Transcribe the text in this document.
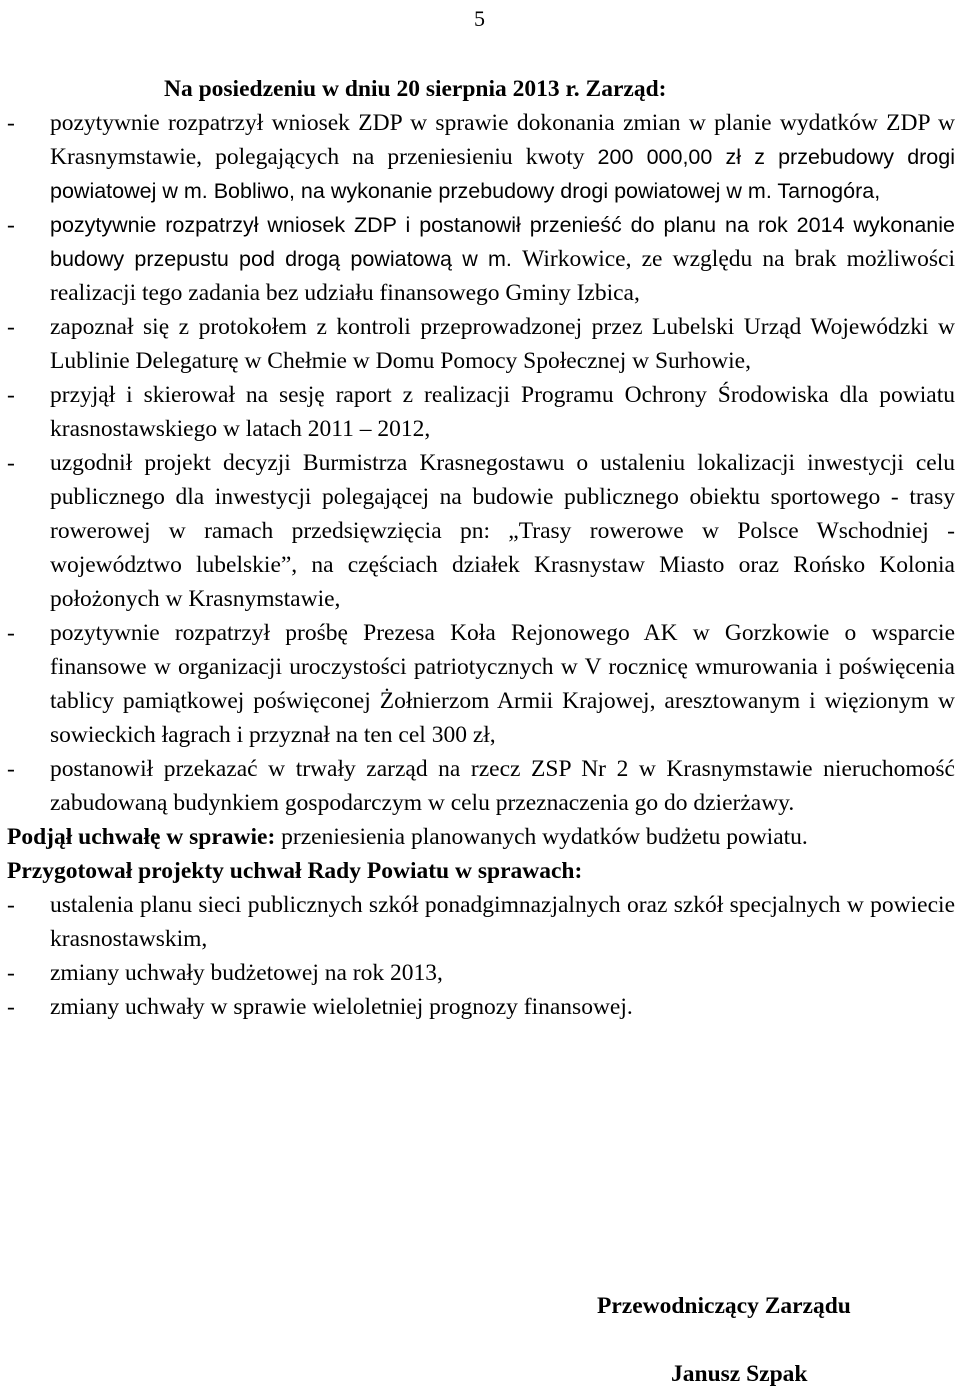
5

Na posiedzeniu w dniu 20 sierpnia 2013 r. Zarząd:

- pozytywnie rozpatrzył wniosek ZDP w sprawie dokonania zmian w planie wydatków ZDP w Krasnymstawie, polegających na przeniesieniu kwoty 200 000,00 zł z przebudowy drogi powiatowej w m. Bobliwo, na wykonanie przebudowy drogi powiatowej w m. Tarnogóra,
- pozytywnie rozpatrzył wniosek ZDP i postanowił przenieść do planu na rok 2014 wykonanie budowy przepustu pod drogą powiatową w m. Wirkowice, ze względu na brak możliwości realizacji tego zadania bez udziału finansowego Gminy Izbica,
- zapoznał się z protokołem z kontroli przeprowadzonej przez Lubelski Urząd Wojewódzki w Lublinie Delegaturę w Chełmie w Domu Pomocy Społecznej w Surhowie,
- przyjął i skierował na sesję raport z realizacji Programu Ochrony Środowiska dla powiatu krasnostawskiego w latach 2011 – 2012,
- uzgodnił projekt decyzji Burmistrza Krasnegostawu o ustaleniu lokalizacji inwestycji celu publicznego dla inwestycji polegającej na budowie publicznego obiektu sportowego - trasy rowerowej w ramach przedsięwzięcia pn: „Trasy rowerowe w Polsce Wschodniej - województwo lubelskie”, na częściach działek Krasnystaw Miasto oraz Rońsko Kolonia położonych w Krasnymstawie,
- pozytywnie rozpatrzył prośbę Prezesa Koła Rejonowego AK w Gorzkowie o wsparcie finansowe w organizacji uroczystości patriotycznych w V rocznicę wmurowania i poświęcenia tablicy pamiątkowej poświęconej Żołnierzom Armii Krajowej, aresztowanym i więzionym w sowieckich łagrach i przyznał na ten cel 300 zł,
- postanowił przekazać w trwały zarząd na rzecz ZSP Nr 2 w Krasnymstawie nieruchomość zabudowaną budynkiem gospodarczym w celu przeznaczenia go do dzierżawy.

Podjął uchwałę w sprawie: przeniesienia planowanych wydatków budżetu powiatu.

Przygotował projekty uchwał Rady Powiatu w sprawach:

- ustalenia planu sieci publicznych szkół ponadgimnazjalnych oraz szkół specjalnych w powiecie krasnostawskim,
- zmiany uchwały budżetowej na rok 2013,
- zmiany uchwały w sprawie wieloletniej prognozy finansowej.
Przewodniczący Zarządu
Janusz Szpak
